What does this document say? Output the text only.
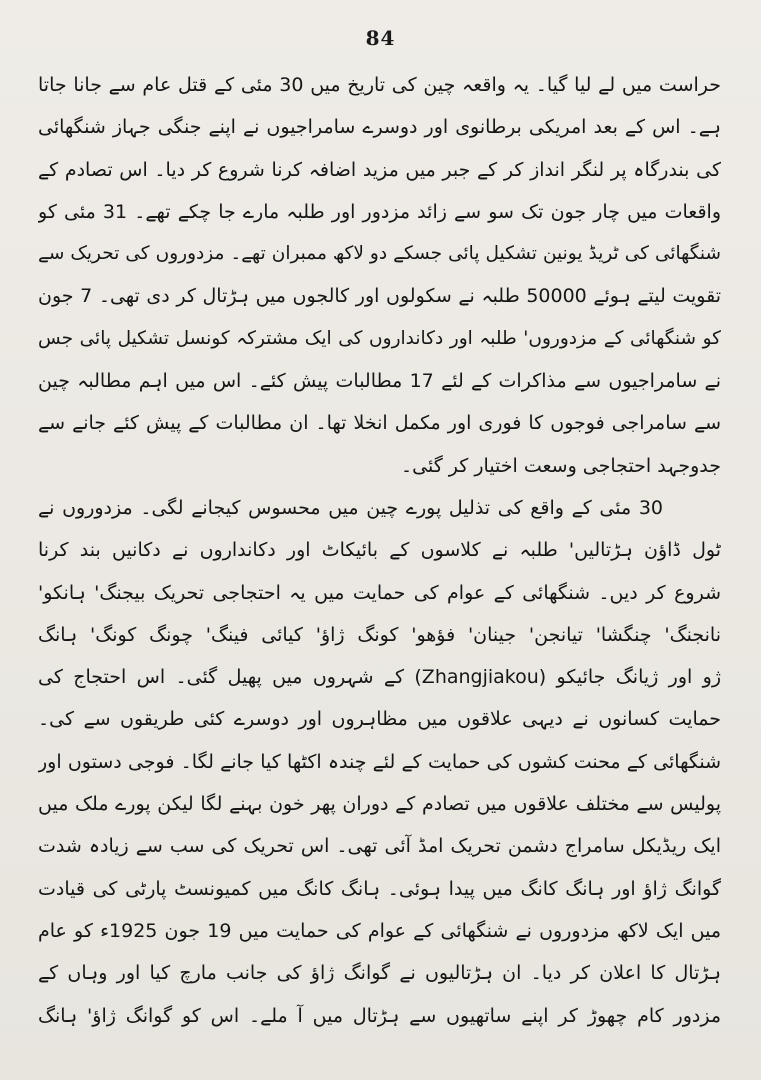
84
حراست میں لے لیا گیا۔ یہ واقعہ چین کی تاریخ میں 30 مئی کے قتل عام سے جانا جاتا
ہے۔ اس کے بعد امریکی برطانوی اور دوسرے سامراجیوں نے اپنے جنگی جہاز شنگھائی
کی بندرگاہ پر لنگر انداز کر کے جبر میں مزید اضافہ کرنا شروع کر دیا۔ اس تصادم کے
واقعات میں چار جون تک سو سے زائد مزدور اور طلبہ مارے جا چکے تھے۔ 31 مئی کو
شنگھائی کی ٹریڈ یونین تشکیل پائی جسکے دو لاکھ ممبران تھے۔ مزدوروں کی تحریک سے
تقویت لیتے ہوئے 50000 طلبہ نے سکولوں اور کالجوں میں ہڑتال کر دی تھی۔ 7 جون
کو شنگھائی کے مزدوروں' طلبہ اور دکانداروں کی ایک مشترکہ کونسل تشکیل پائی جس
نے سامراجیوں سے مذاکرات کے لئے 17 مطالبات پیش کئے۔ اس میں اہم مطالبہ چین
سے سامراجی فوجوں کا فوری اور مکمل انخلا تھا۔ ان مطالبات کے پیش کئے جانے سے
جدوجہد احتجاجی وسعت اختیار کر گئی۔
30 مئی کے واقع کی تذلیل پورے چین میں محسوس کیجانے لگی۔ مزدوروں نے
ٹول ڈاؤن ہڑتالیں' طلبہ نے کلاسوں کے بائیکاٹ اور دکانداروں نے دکانیں بند کرنا
شروع کر دیں۔ شنگھائی کے عوام کی حمایت میں یہ احتجاجی تحریک بیجنگ' ہانکو'
نانجنگ' چنگشا' تیانجن' جینان' فؤھو' کونگ ژاؤ' کیائی فینگ' چونگ کونگ' ہانگ
ژو اور ژیانگ جائیکو (Zhangjiakou) کے شہروں میں پھیل گئی۔ اس احتجاج کی
حمایت کسانوں نے دیہی علاقوں میں مظاہروں اور دوسرے کئی طریقوں سے کی۔
شنگھائی کے محنت کشوں کی حمایت کے لئے چندہ اکٹھا کیا جانے لگا۔ فوجی دستوں اور
پولیس سے مختلف علاقوں میں تصادم کے دوران پھر خون بہنے لگا لیکن پورے ملک میں
ایک ریڈیکل سامراج دشمن تحریک امڈ آئی تھی۔ اس تحریک کی سب سے زیادہ شدت
گوانگ ژاؤ اور ہانگ کانگ میں پیدا ہوئی۔ ہانگ کانگ میں کمیونسٹ پارٹی کی قیادت
میں ایک لاکھ مزدوروں نے شنگھائی کے عوام کی حمایت میں 19 جون 1925ء کو عام
ہڑتال کا اعلان کر دیا۔ ان ہڑتالیوں نے گوانگ ژاؤ کی جانب مارچ کیا اور وہاں کے
مزدور کام چھوڑ کر اپنے ساتھیوں سے ہڑتال میں آ ملے۔ اس کو گوانگ ژاؤ' ہانگ
